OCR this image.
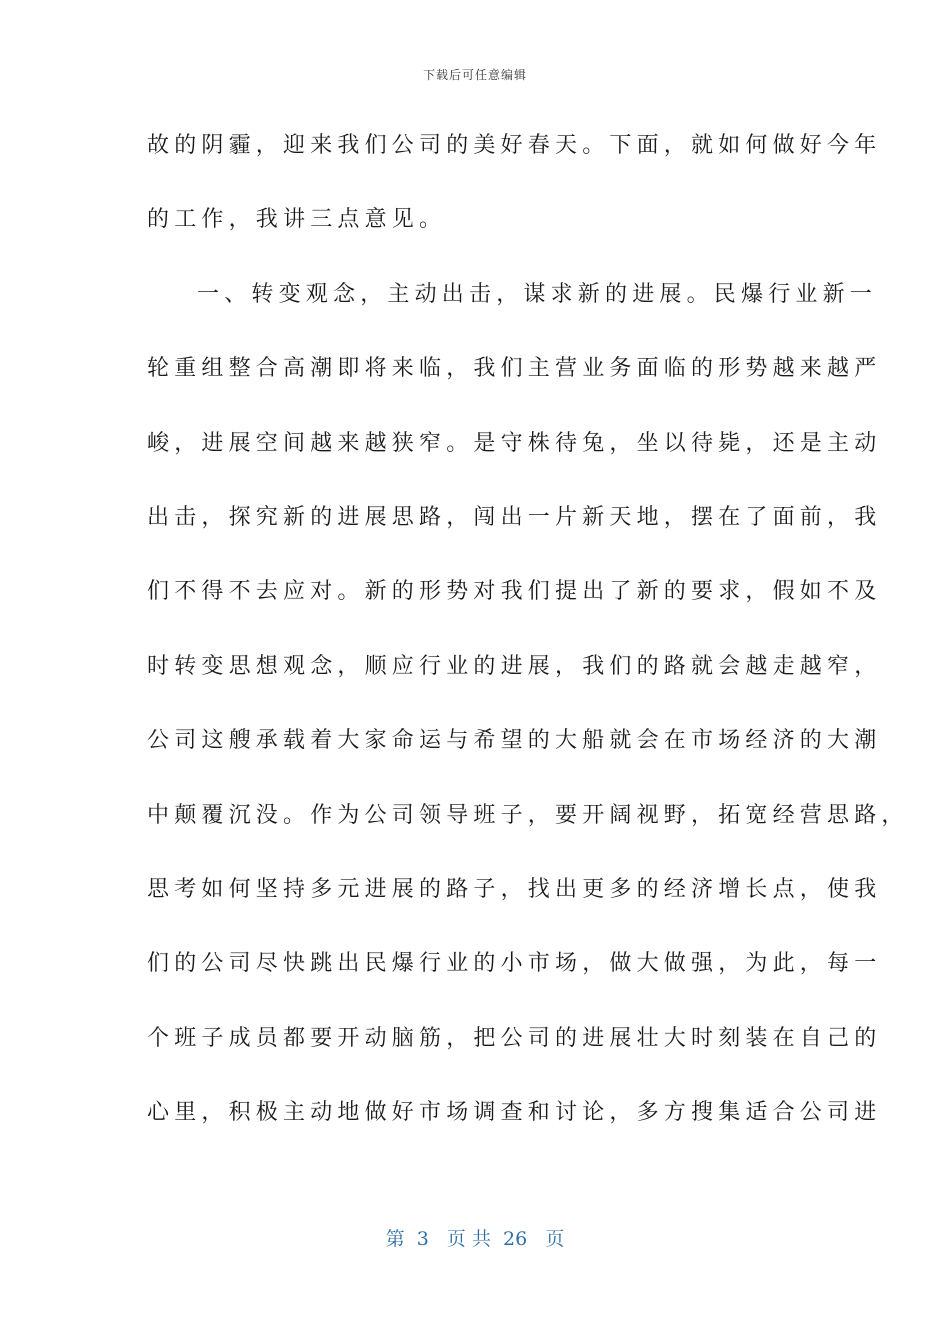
下载后可任意编辑
故的阴霾，迎来我们公司的美好春天。下面，就如何做好今年
的工作，我讲三点意见。
一、转变观念，主动出击，谋求新的进展。民爆行业新一
轮重组整合高潮即将来临，我们主营业务面临的形势越来越严
峻，进展空间越来越狭窄。是守株待兔，坐以待毙，还是主动
出击，探究新的进展思路，闯出一片新天地，摆在了面前，我
们不得不去应对。新的形势对我们提出了新的要求，假如不及
时转变思想观念，顺应行业的进展，我们的路就会越走越窄，
公司这艘承载着大家命运与希望的大船就会在市场经济的大潮
中颠覆沉没。作为公司领导班子，要开阔视野，拓宽经营思路，
思考如何坚持多元进展的路子，找出更多的经济增长点，使我
们的公司尽快跳出民爆行业的小市场，做大做强，为此，每一
个班子成员都要开动脑筋，把公司的进展壮大时刻装在自己的
心里，积极主动地做好市场调查和讨论，多方搜集适合公司进
第  3   页 共  26   页
